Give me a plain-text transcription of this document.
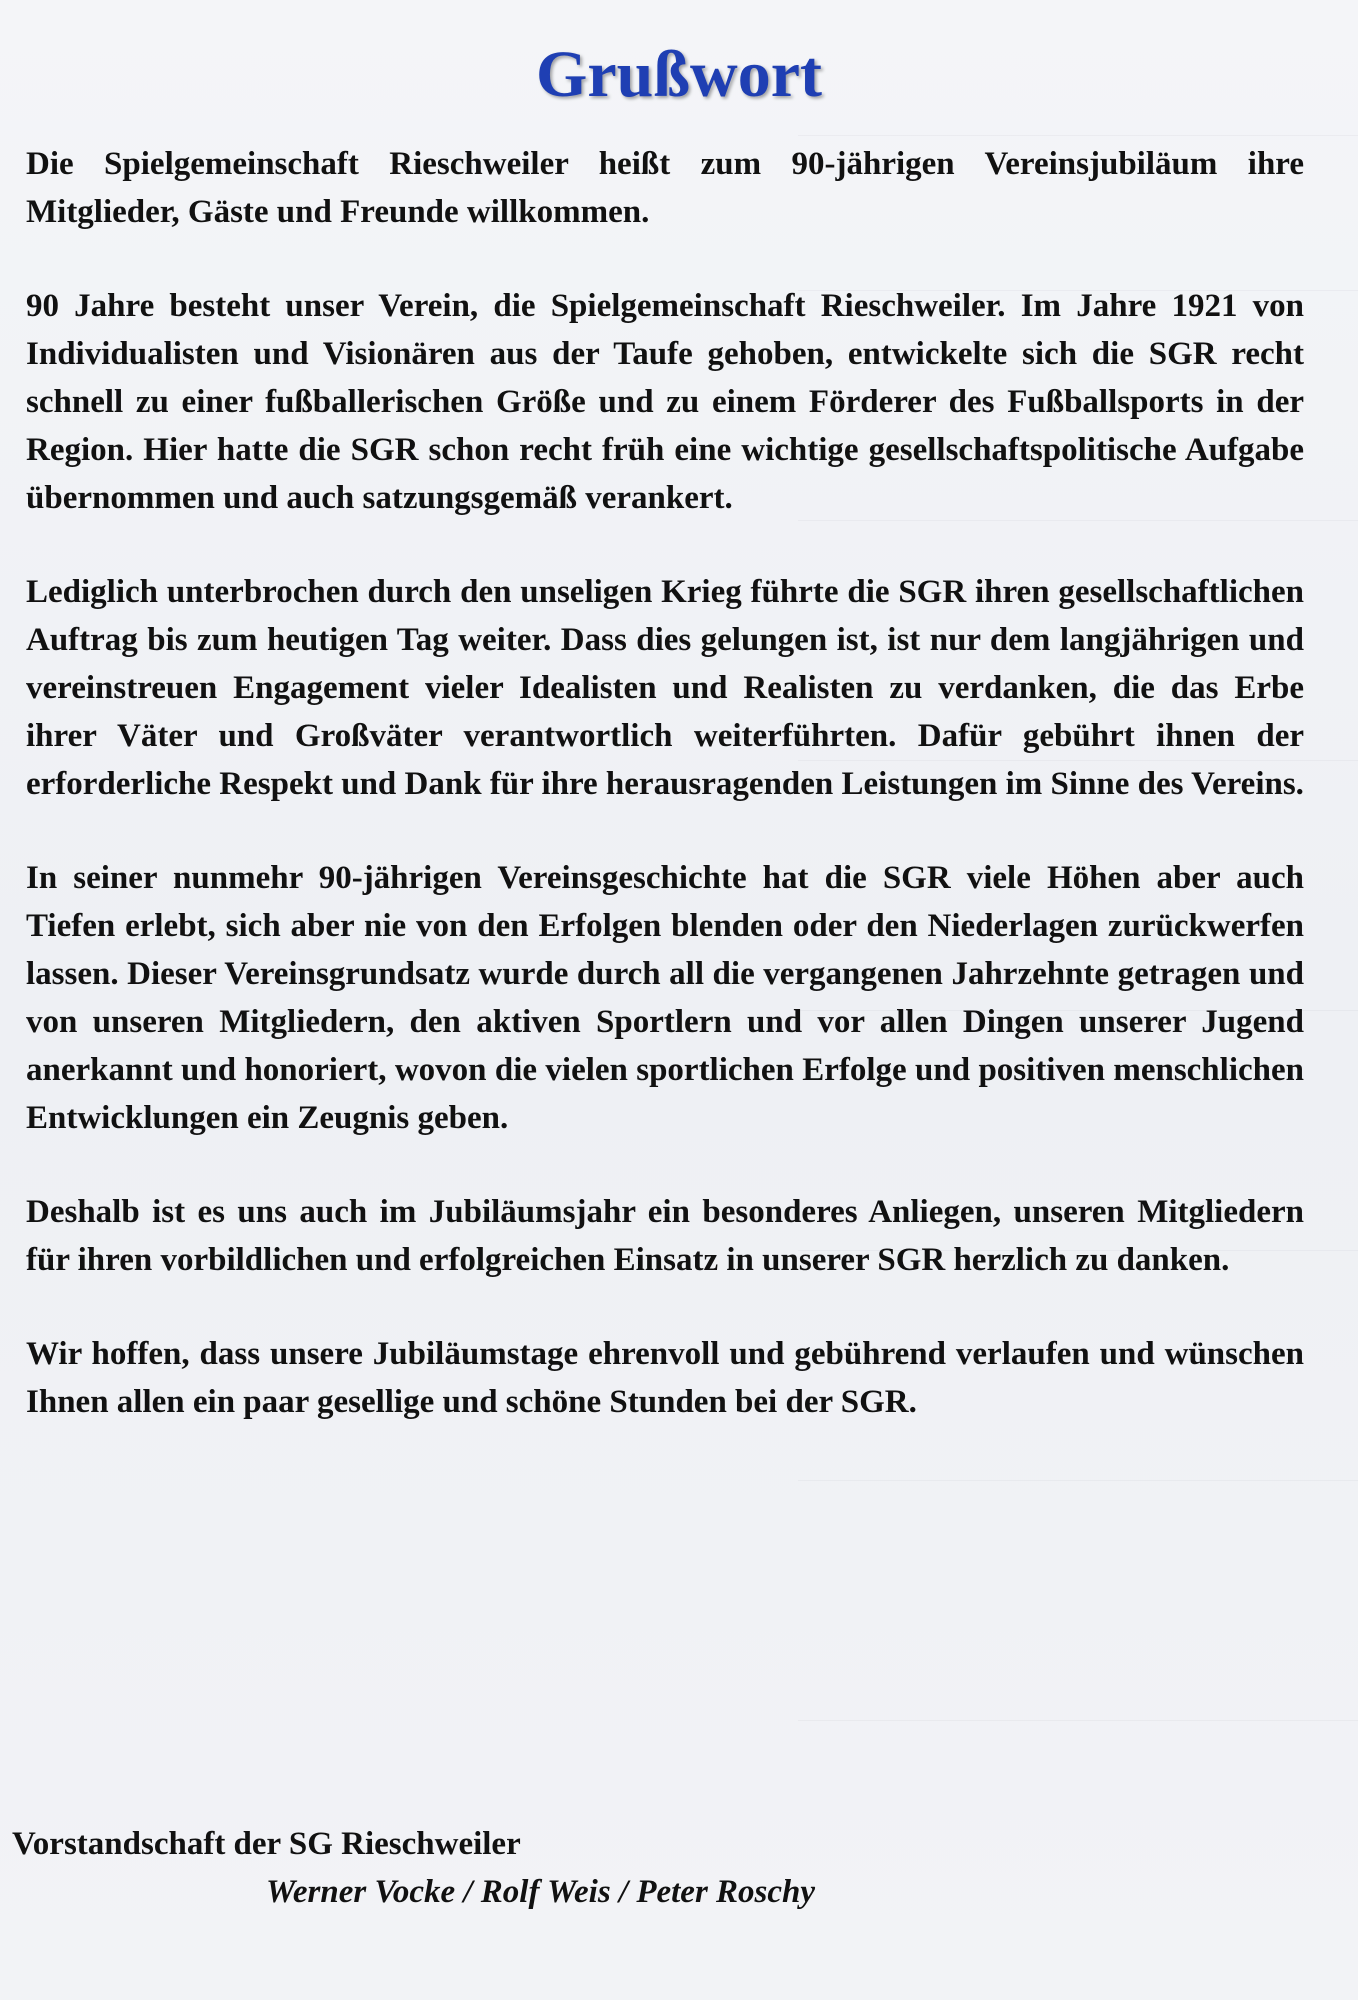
Grußwort

Die Spielgemeinschaft Rieschweiler heißt zum 90-jährigen Vereinsjubiläum ihre Mitglieder, Gäste und Freunde willkommen.

90 Jahre besteht unser Verein, die Spielgemeinschaft Rieschweiler. Im Jahre 1921 von Individualisten und Visionären aus der Taufe gehoben, entwickelte sich die SGR recht schnell zu einer fußballerischen Größe und zu einem Förderer des Fußballsports in der Region. Hier hatte die SGR schon recht früh eine wichtige gesellschaftspolitische Aufgabe übernommen und auch satzungsgemäß verankert.

Lediglich unterbrochen durch den unseligen Krieg führte die SGR ihren gesellschaftlichen Auftrag bis zum heutigen Tag weiter. Dass dies gelungen ist, ist nur dem langjährigen und vereinstreuen Engagement vieler Idealisten und Realisten zu verdanken, die das Erbe ihrer Väter und Großväter verantwortlich weiterführten. Dafür gebührt ihnen der erforderliche Respekt und Dank für ihre herausragenden Leistungen im Sinne des Vereins.

In seiner nunmehr 90-jährigen Vereinsgeschichte hat die SGR viele Höhen aber auch Tiefen erlebt, sich aber nie von den Erfolgen blenden oder den Niederlagen zurückwerfen lassen. Dieser Vereinsgrundsatz wurde durch all die vergangenen Jahrzehnte getragen und von unseren Mitgliedern, den aktiven Sportlern und vor allen Dingen unserer Jugend anerkannt und honoriert, wovon die vielen sportlichen Erfolge und positiven menschlichen Entwicklungen ein Zeugnis geben.

Deshalb ist es uns auch im Jubiläumsjahr ein besonderes Anliegen, unseren Mitgliedern für ihren vorbildlichen und erfolgreichen Einsatz in unserer SGR herzlich zu danken.

Wir hoffen, dass unsere Jubiläumstage ehrenvoll und gebührend verlaufen und wünschen Ihnen allen ein paar gesellige und schöne Stunden bei der SGR.

Vorstandschaft der SG Rieschweiler
Werner Vocke / Rolf Weis / Peter Roschy
